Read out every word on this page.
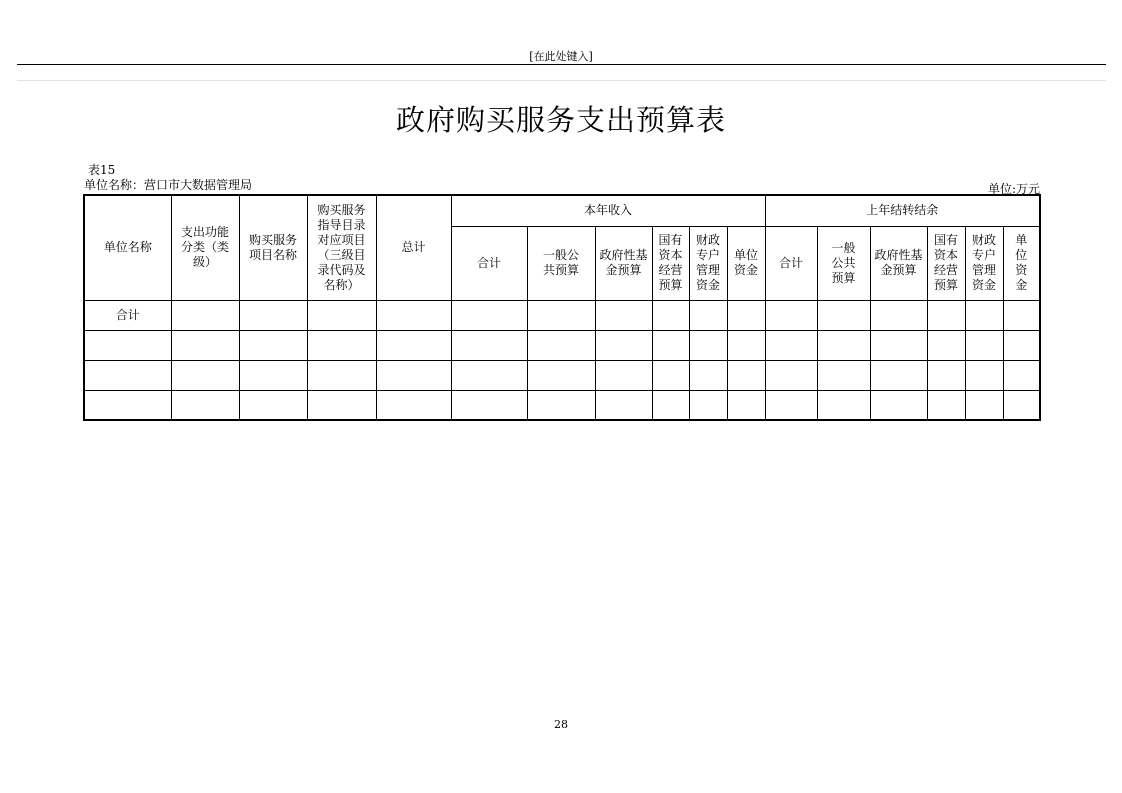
[在此处键入]
政府购买服务支出预算表
表15
单位名称：营口市大数据管理局	单位:万元
单位名称	支出功能分类（类级）	购买服务项目名称	购买服务指导目录对应项目（三级目录代码及名称）	总计	本年收入						上年结转结余					
					合计	一般公共预算	政府性基金预算	国有资本经营预算	财政专户管理资金	单位资金	合计	一般公共预算	政府性基金预算	国有资本经营预算	财政专户管理资金	单位资金
合计																

28
